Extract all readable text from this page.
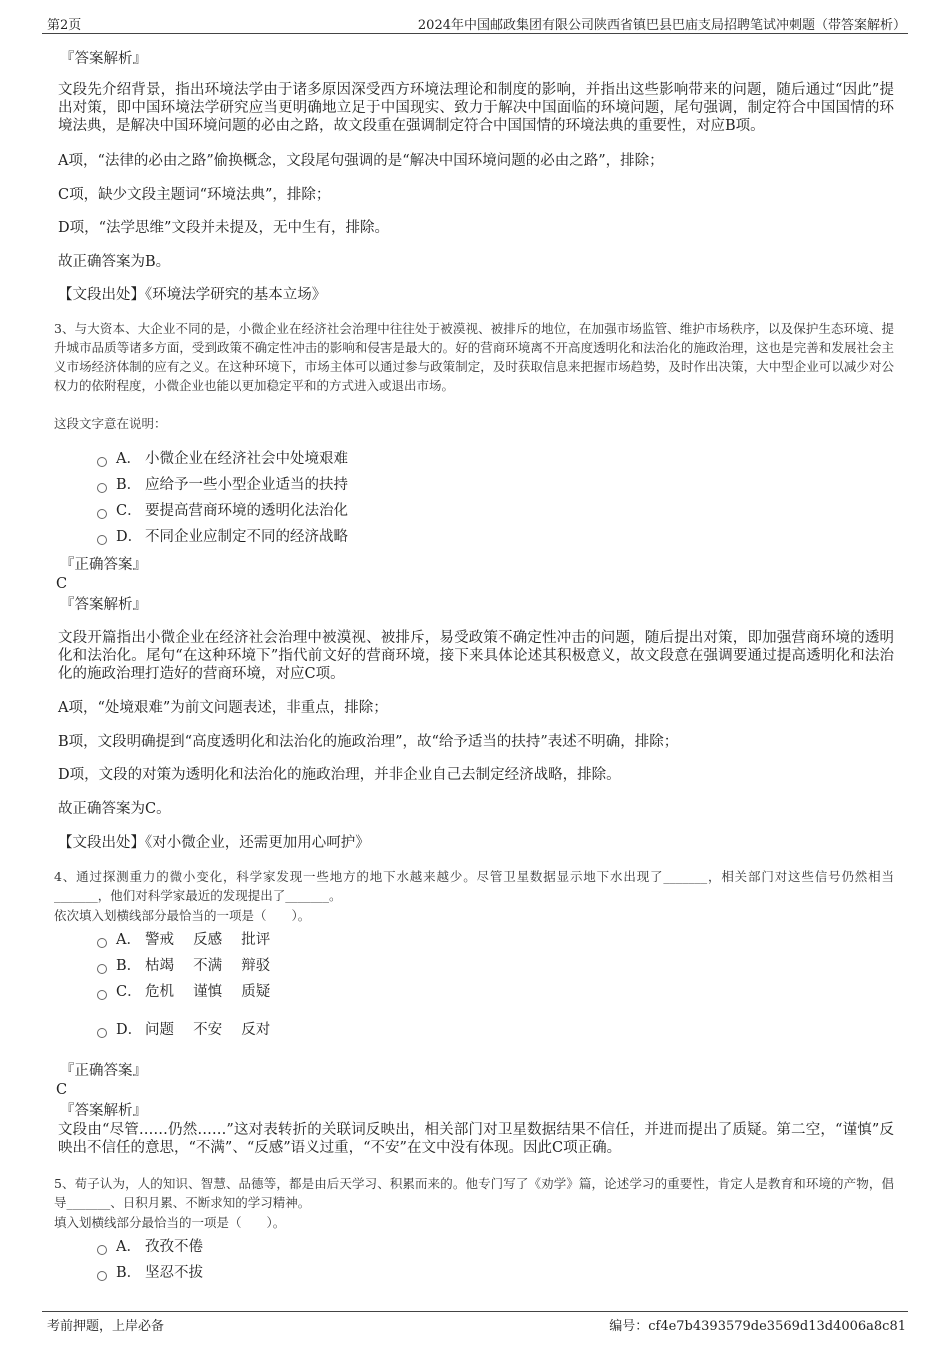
第2页	2024年中国邮政集团有限公司陕西省镇巴县巴庙支局招聘笔试冲刺题（带答案解析）
『答案解析』
文段先介绍背景，指出环境法学由于诸多原因深受西方环境法理论和制度的影响，并指出这些影响带来的问题，随后通过“因此”提出对策，即中国环境法学研究应当更明确地立足于中国现实、致力于解决中国面临的环境问题，尾句强调，制定符合中国国情的环境法典，是解决中国环境问题的必由之路，故文段重在强调制定符合中国国情的环境法典的重要性，对应B项。
A项，“法律的必由之路”偷换概念，文段尾句强调的是“解决中国环境问题的必由之路”，排除；
C项，缺少文段主题词“环境法典”，排除；
D项，“法学思维”文段并未提及，无中生有，排除。
故正确答案为B。
【文段出处】《环境法学研究的基本立场》
3、与大资本、大企业不同的是，小微企业在经济社会治理中往往处于被漠视、被排斥的地位，在加强市场监管、维护市场秩序，以及保护生态环境、提升城市品质等诸多方面，受到政策不确定性冲击的影响和侵害是最大的。好的营商环境离不开高度透明化和法治化的施政治理，这也是完善和发展社会主义市场经济体制的应有之义。在这种环境下，市场主体可以通过参与政策制定，及时获取信息来把握市场趋势，及时作出决策，大中型企业可以减少对公权力的依附程度，小微企业也能以更加稳定平和的方式进入或退出市场。
这段文字意在说明：
A． 小微企业在经济社会中处境艰难
B． 应给予一些小型企业适当的扶持
C． 要提高营商环境的透明化法治化
D． 不同企业应制定不同的经济战略
『正确答案』
C
『答案解析』
文段开篇指出小微企业在经济社会治理中被漠视、被排斥，易受政策不确定性冲击的问题，随后提出对策，即加强营商环境的透明化和法治化。尾句“在这种环境下”指代前文好的营商环境，接下来具体论述其积极意义，故文段意在强调要通过提高透明化和法治化的施政治理打造好的营商环境，对应C项。
A项，“处境艰难”为前文问题表述，非重点，排除；
B项，文段明确提到“高度透明化和法治化的施政治理”，故“给予适当的扶持”表述不明确，排除；
D项，文段的对策为透明化和法治化的施政治理，并非企业自己去制定经济战略，排除。
故正确答案为C。
【文段出处】《对小微企业，还需更加用心呵护》
4、通过探测重力的微小变化，科学家发现一些地方的地下水越来越少。尽管卫星数据显示地下水出现了_______，相关部门对这些信号仍然相当_______，他们对科学家最近的发现提出了_______。
依次填入划横线部分最恰当的一项是（　　）。
A． 警戒　 反感　 批评
B． 枯竭　 不满　 辩驳
C． 危机　 谨慎　 质疑
D． 问题　 不安　 反对
『正确答案』
C
『答案解析』
文段由“尽管……仍然……”这对表转折的关联词反映出，相关部门对卫星数据结果不信任，并进而提出了质疑。第二空，“谨慎”反映出不信任的意思，“不满”、“反感”语义过重，“不安”在文中没有体现。因此C项正确。
5、荀子认为，人的知识、智慧、品德等，都是由后天学习、积累而来的。他专门写了《劝学》篇，论述学习的重要性，肯定人是教育和环境的产物，倡导_______、日积月累、不断求知的学习精神。
填入划横线部分最恰当的一项是（　　）。
A． 孜孜不倦
B． 坚忍不拔
考前押题，上岸必备	编号：cf4e7b4393579de3569d13d4006a8c81
